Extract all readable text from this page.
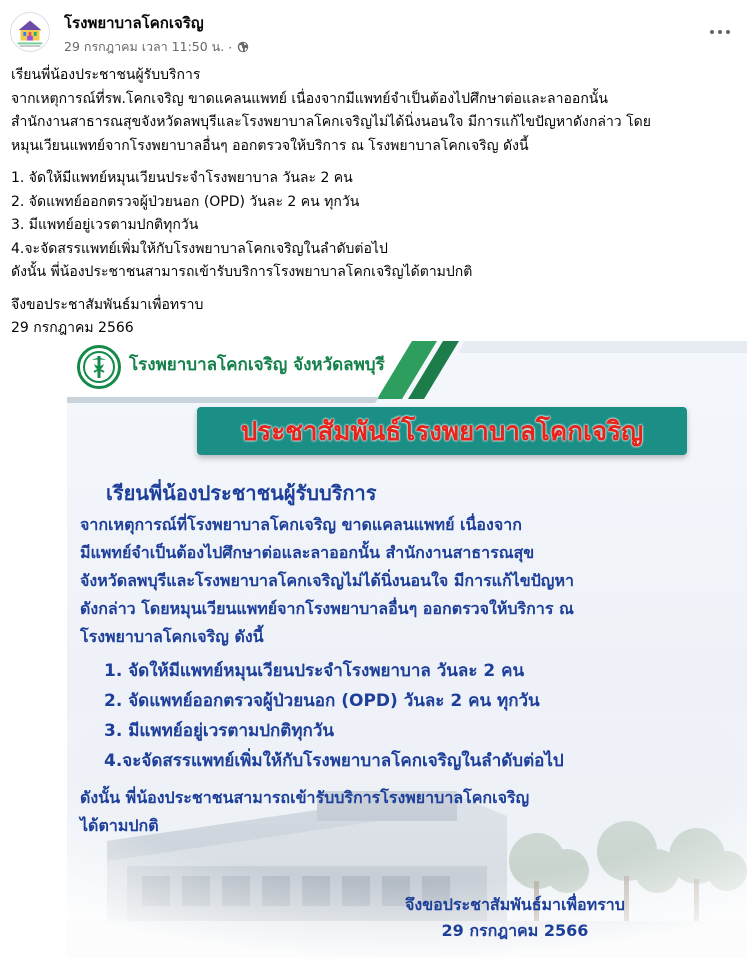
โรงพยาบาลโคกเจริญ
29 กรกฎาคม เวลา 11:50 น. ·

เรียนพี่น้องประชาชนผู้รับบริการ

จากเหตุการณ์ที่รพ.โคกเจริญ ขาดแคลนแพทย์ เนื่องจากมีแพทย์จำเป็นต้องไปศึกษาต่อและลาออกนั้น

สำนักงานสาธารณสุขจังหวัดลพบุรีและโรงพยาบาลโคกเจริญไม่ได้นิ่งนอนใจ มีการแก้ไขปัญหาดังกล่าว โดย

หมุนเวียนแพทย์จากโรงพยาบาลอื่นๆ ออกตรวจให้บริการ ณ โรงพยาบาลโคกเจริญ ดังนี้

1. จัดให้มีแพทย์หมุนเวียนประจำโรงพยาบาล วันละ 2 คน

2. จัดแพทย์ออกตรวจผู้ป่วยนอก (OPD) วันละ 2 คน ทุกวัน

3. มีแพทย์อยู่เวรตามปกติทุกวัน

4.จะจัดสรรแพทย์เพิ่มให้กับโรงพยาบาลโคกเจริญในลำดับต่อไป

ดังนั้น พี่น้องประชาชนสามารถเข้ารับบริการโรงพยาบาลโคกเจริญได้ตามปกติ

จึงขอประชาสัมพันธ์มาเพื่อทราบ

29 กรกฎาคม 2566

โรงพยาบาลโคกเจริญ จังหวัดลพบุรี
ประชาสัมพันธ์โรงพยาบาลโคกเจริญ
เรียนพี่น้องประชาชนผู้รับบริการ
จากเหตุการณ์ที่โรงพยาบาลโคกเจริญ ขาดแคลนแพทย์ เนื่องจาก
มีแพทย์จำเป็นต้องไปศึกษาต่อและลาออกนั้น สำนักงานสาธารณสุข
จังหวัดลพบุรีและโรงพยาบาลโคกเจริญไม่ได้นิ่งนอนใจ มีการแก้ไขปัญหา
ดังกล่าว โดยหมุนเวียนแพทย์จากโรงพยาบาลอื่นๆ ออกตรวจให้บริการ ณ
โรงพยาบาลโคกเจริญ ดังนี้
1. จัดให้มีแพทย์หมุนเวียนประจำโรงพยาบาล วันละ 2 คน
2. จัดแพทย์ออกตรวจผู้ป่วยนอก (OPD) วันละ 2 คน ทุกวัน
3. มีแพทย์อยู่เวรตามปกติทุกวัน
4.จะจัดสรรแพทย์เพิ่มให้กับโรงพยาบาลโคกเจริญในลำดับต่อไป
ดังนั้น พี่น้องประชาชนสามารถเข้ารับบริการโรงพยาบาลโคกเจริญ
ได้ตามปกติ
จึงขอประชาสัมพันธ์มาเพื่อทราบ
29 กรกฎาคม 2566
